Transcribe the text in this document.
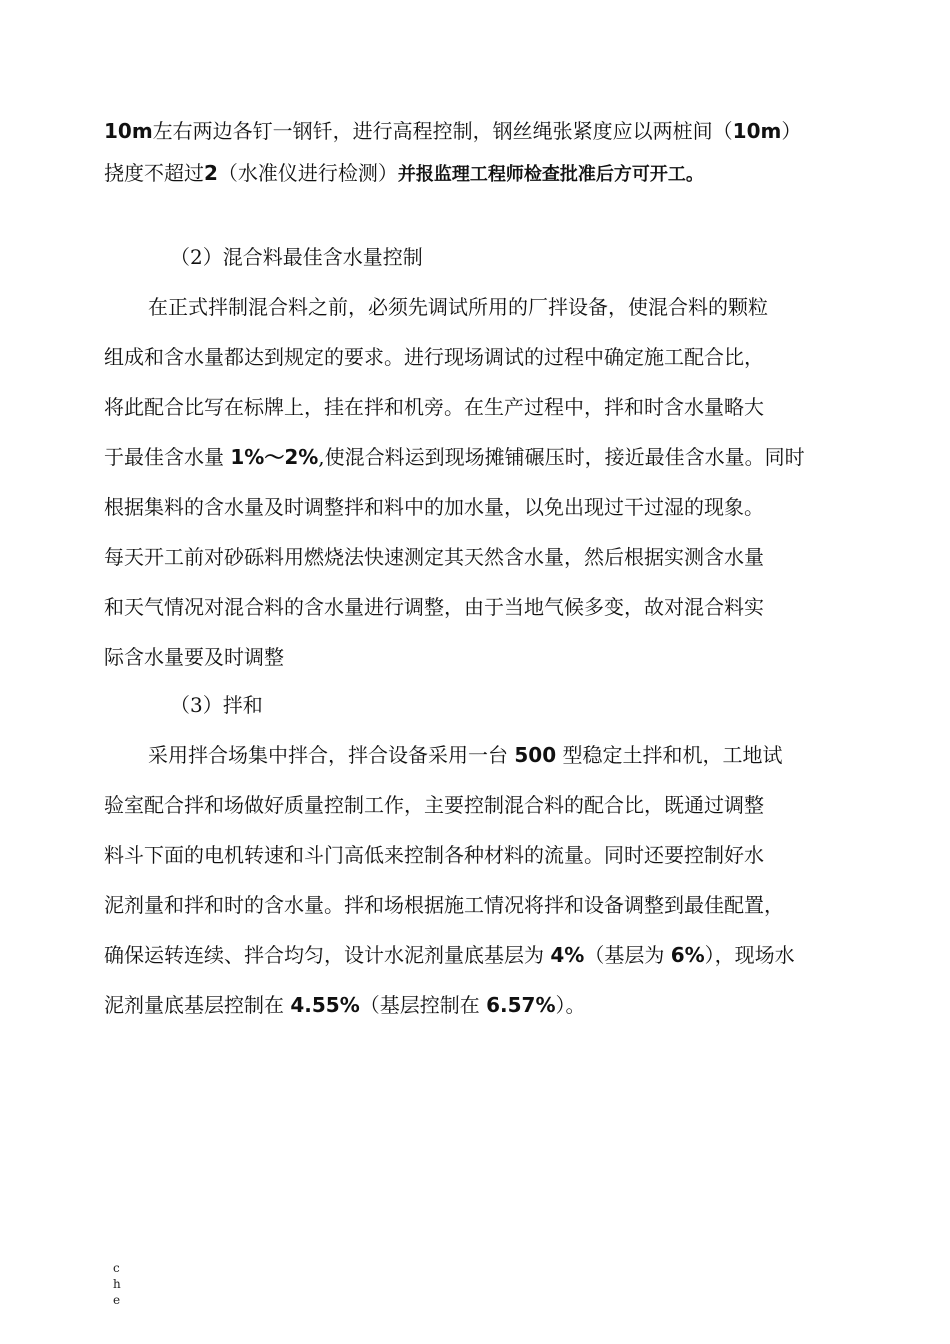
10m左右两边各钉一钢钎，进行高程控制，钢丝绳张紧度应以两桩间（10m）

挠度不超过2（水准仪进行检测）并报监理工程师检查批准后方可开工。

（2）混合料最佳含水量控制

在正式拌制混合料之前，必须先调试所用的厂拌设备，使混合料的颗粒

组成和含水量都达到规定的要求。进行现场调试的过程中确定施工配合比，

将此配合比写在标牌上，挂在拌和机旁。在生产过程中，拌和时含水量略大

于最佳含水量 1%～2%,使混合料运到现场摊铺碾压时，接近最佳含水量。同时

根据集料的含水量及时调整拌和料中的加水量，以免出现过干过湿的现象。

每天开工前对砂砾料用燃烧法快速测定其天然含水量，然后根据实测含水量

和天气情况对混合料的含水量进行调整，由于当地气候多变，故对混合料实

际含水量要及时调整

（3）拌和

采用拌合场集中拌合，拌合设备采用一台 500 型稳定土拌和机，工地试

验室配合拌和场做好质量控制工作，主要控制混合料的配合比，既通过调整

料斗下面的电机转速和斗门高低来控制各种材料的流量。同时还要控制好水

泥剂量和拌和时的含水量。拌和场根据施工情况将拌和设备调整到最佳配置，

确保运转连续、拌合均匀，设计水泥剂量底基层为 4%（基层为 6%），现场水

泥剂量底基层控制在 4.55%（基层控制在 6.57%）。

c
h
e
